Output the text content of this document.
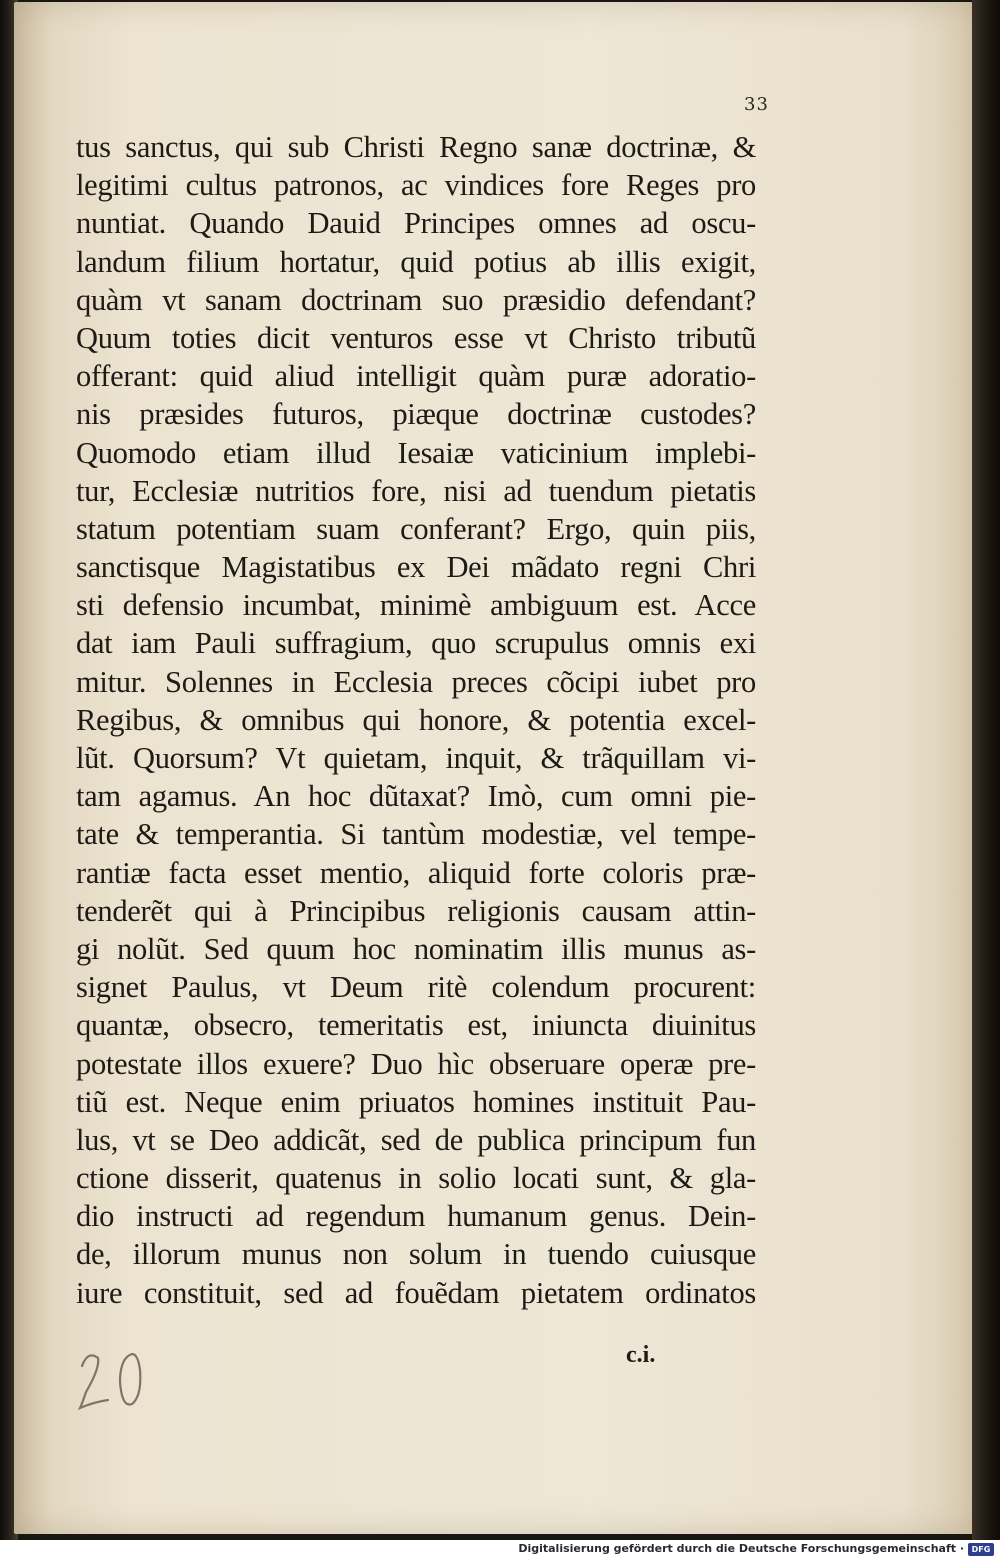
33
tus sanctus, qui sub Christi Regno sanæ doctrinæ, &
legitimi cultus patronos, ac vindices fore Reges pro
nuntiat. Quando Dauid Principes omnes ad oscu-
landum filium hortatur, quid potius ab illis exigit,
quàm vt sanam doctrinam suo præsidio defendant?
Quum toties dicit venturos esse vt Christo tributũ
offerant: quid aliud intelligit quàm puræ adoratio-
nis præsides futuros, piæque doctrinæ custodes?
Quomodo etiam illud Iesaiæ vaticinium implebi-
tur, Ecclesiæ nutritios fore, nisi ad tuendum pietatis
statum potentiam suam conferant? Ergo, quin piis,
sanctisque Magistatibus ex Dei mãdato regni Chri
sti defensio incumbat, minimè ambiguum est. Acce
dat iam Pauli suffragium, quo scrupulus omnis exi
mitur. Solennes in Ecclesia preces cõcipi iubet pro
Regibus, & omnibus qui honore, & potentia excel-
lũt. Quorsum? Vt quietam, inquit, & trãquillam vi-
tam agamus. An hoc dũtaxat? Imò, cum omni pie-
tate & temperantia. Si tantùm modestiæ, vel tempe-
rantiæ facta esset mentio, aliquid forte coloris præ-
tenderẽt qui à Principibus religionis causam attin-
gi nolũt. Sed quum hoc nominatim illis munus as-
signet Paulus, vt Deum ritè colendum procurent:
quantæ, obsecro, temeritatis est, iniuncta diuinitus
potestate illos exuere? Duo hìc obseruare operæ pre-
tiũ est. Neque enim priuatos homines instituit Pau-
lus, vt se Deo addicãt, sed de publica principum fun
ctione disserit, quatenus in solio locati sunt, & gla-
dio instructi ad regendum humanum genus. Dein-
de, illorum munus non solum in tuendo cuiusque
iure constituit, sed ad fouẽdam pietatem ordinatos
c.i.
Digitalisierung gefördert durch die Deutsche Forschungsgemeinschaft · DFG
